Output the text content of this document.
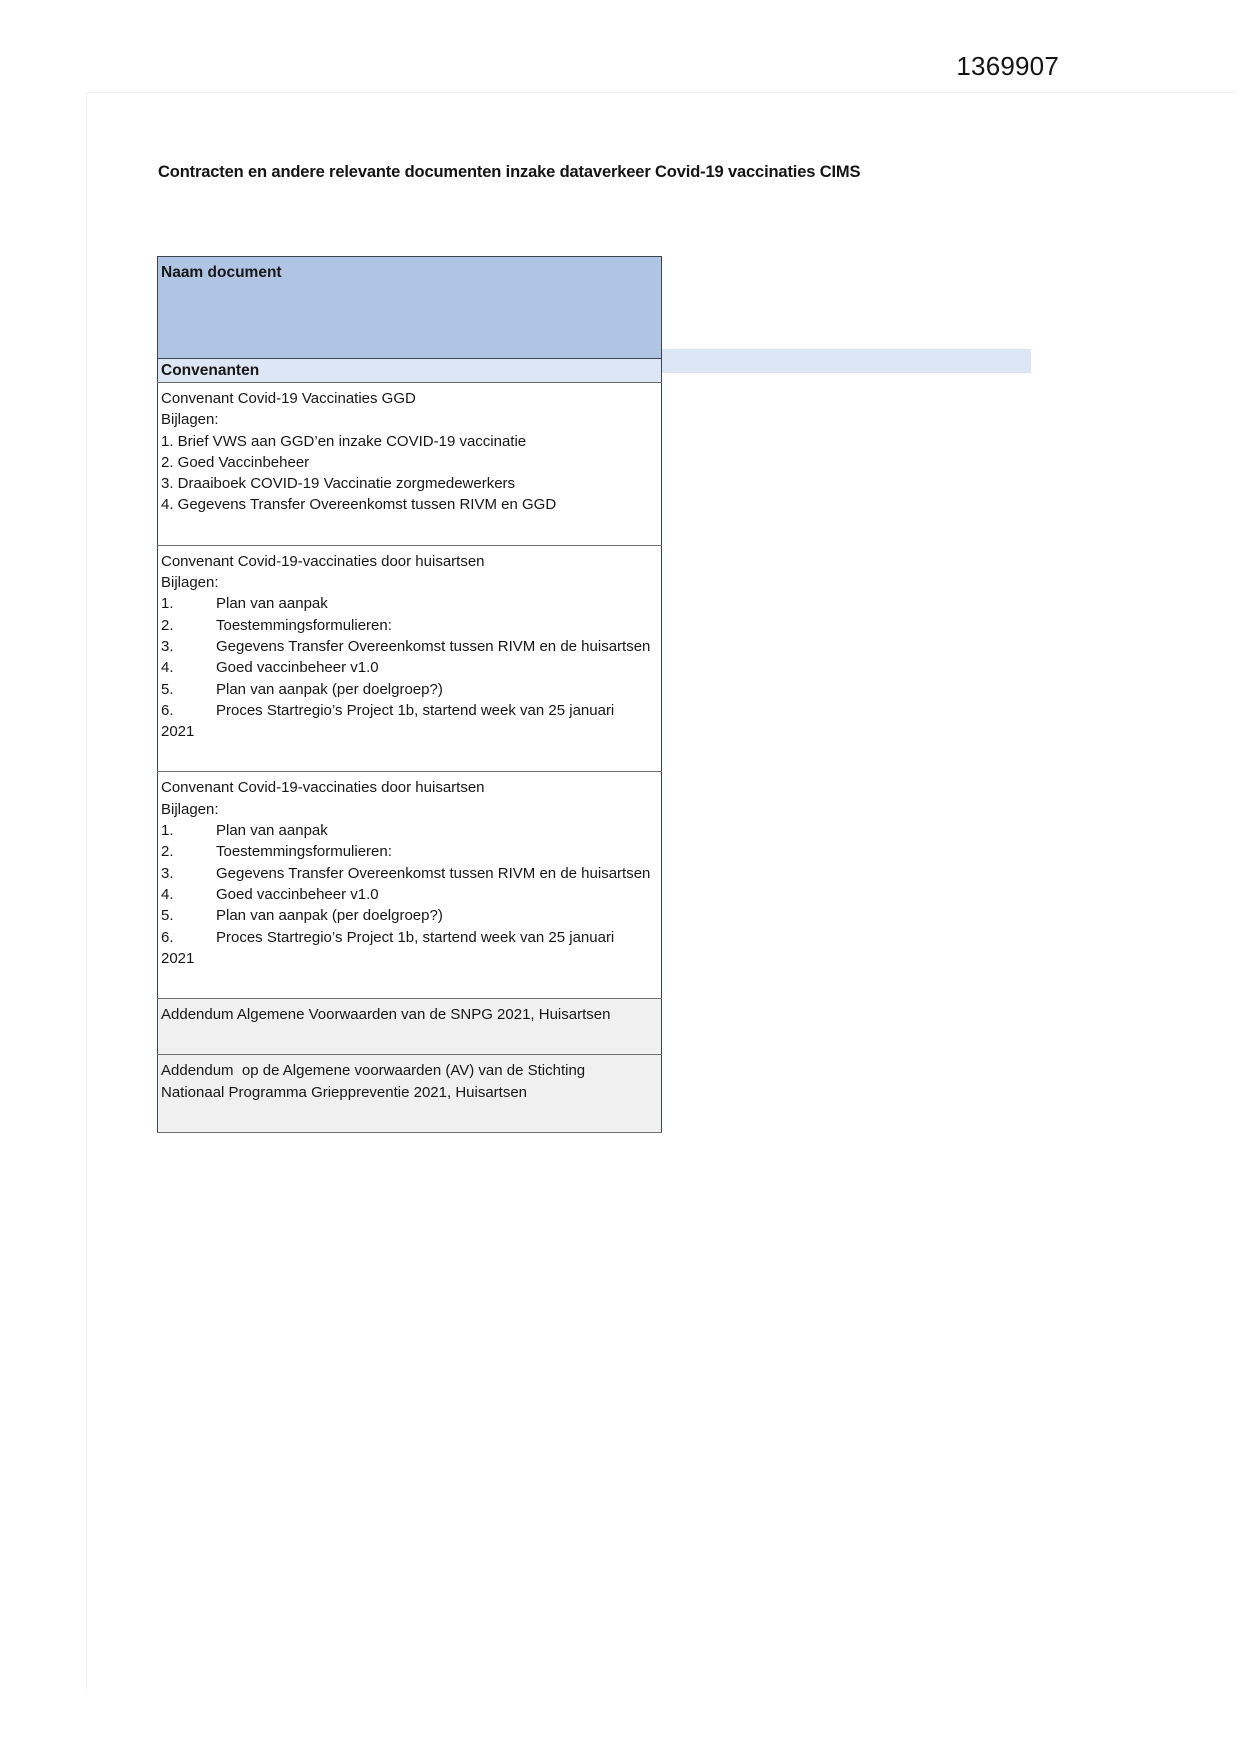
1369907
Contracten en andere relevante documenten inzake dataverkeer Covid-19 vaccinaties CIMS
Naam document

Convenanten

Convenant Covid-19 Vaccinaties GGD
Bijlagen:
1. Brief VWS aan GGD’en inzake COVID-19 vaccinatie
2. Goed Vaccinbeheer
3. Draaiboek COVID-19 Vaccinatie zorgmedewerkers
4. Gegevens Transfer Overeenkomst tussen RIVM en GGD

Convenant Covid-19-vaccinaties door huisartsen
Bijlagen:
1.	Plan van aanpak
2.	Toestemmingsformulieren:
3.	Gegevens Transfer Overeenkomst tussen RIVM en de huisartsen
4.	Goed vaccinbeheer v1.0
5.	Plan van aanpak (per doelgroep?)
6.	Proces Startregio’s Project 1b, startend week van 25 januari
2021

Convenant Covid-19-vaccinaties door huisartsen
Bijlagen:
1.	Plan van aanpak
2.	Toestemmingsformulieren:
3.	Gegevens Transfer Overeenkomst tussen RIVM en de huisartsen
4.	Goed vaccinbeheer v1.0
5.	Plan van aanpak (per doelgroep?)
6.	Proces Startregio’s Project 1b, startend week van 25 januari
2021

Addendum Algemene Voorwaarden van de SNPG 2021, Huisartsen

Addendum  op de Algemene voorwaarden (AV) van de Stichting
Nationaal Programma Grieppreventie 2021, Huisartsen
